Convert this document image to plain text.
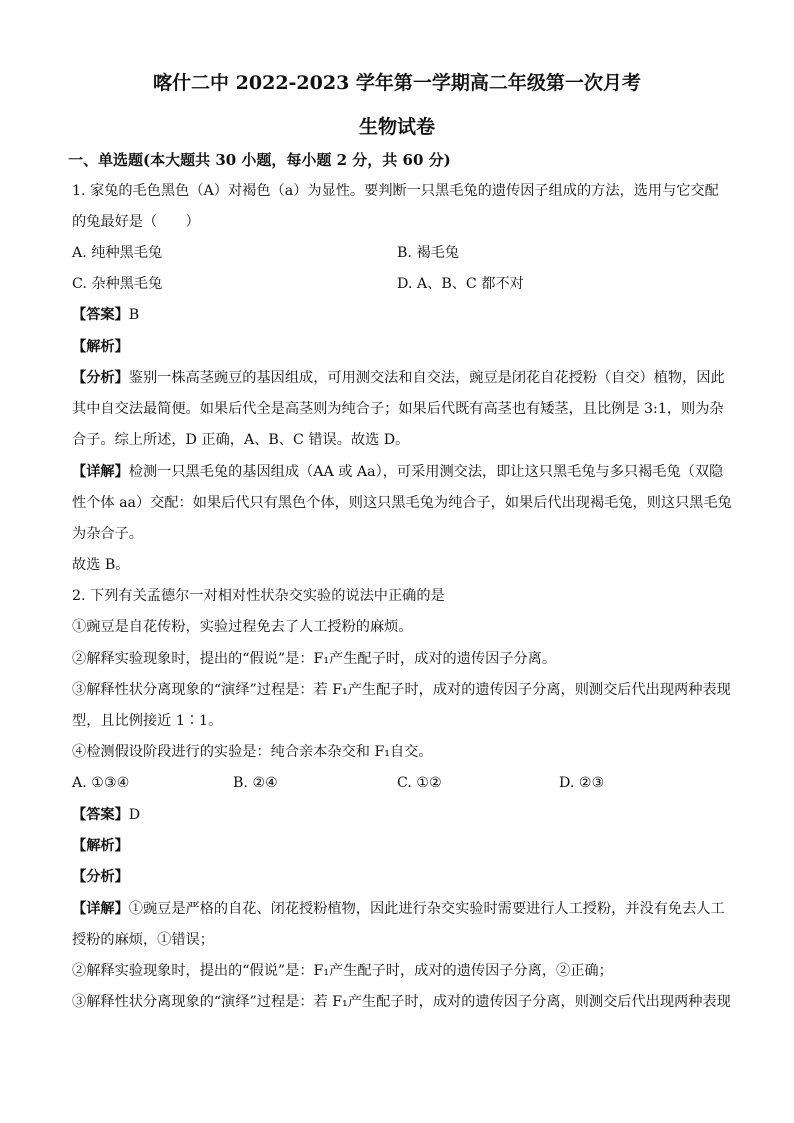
喀什二中 2022-2023 学年第一学期高二年级第一次月考
生物试卷
一、单选题(本大题共 30 小题，每小题 2 分，共 60 分)
1. 家兔的毛色黑色（A）对褐色（a）为显性。要判断一只黑毛兔的遗传因子组成的方法，选用与它交配
的兔最好是（　　）
A. 纯种黑毛兔	B. 褐毛兔
C. 杂种黑毛兔	D. A、B、C 都不对
【答案】B
【解析】
【分析】鉴别一株高茎豌豆的基因组成，可用测交法和自交法，豌豆是闭花自花授粉（自交）植物，因此
其中自交法最简便。如果后代全是高茎则为纯合子；如果后代既有高茎也有矮茎，且比例是 3:1，则为杂
合子。综上所述，D 正确，A、B、C 错误。故选 D。
【详解】检测一只黑毛兔的基因组成（AA 或 Aa），可采用测交法，即让这只黑毛兔与多只褐毛兔（双隐
性个体 aa）交配：如果后代只有黑色个体，则这只黑毛兔为纯合子，如果后代出现褐毛兔，则这只黑毛兔
为杂合子。
故选 B。
2. 下列有关孟德尔一对相对性状杂交实验的说法中正确的是
①豌豆是自花传粉，实验过程免去了人工授粉的麻烦。
②解释实验现象时，提出的“假说”是：F₁产生配子时，成对的遗传因子分离。
③解释性状分离现象的“演绎”过程是：若 F₁产生配子时，成对的遗传因子分离，则测交后代出现两种表现
型，且比例接近 1∶1。
④检测假设阶段进行的实验是：纯合亲本杂交和 F₁自交。
A. ①③④	B. ②④	C. ①②	D. ②③
【答案】D
【解析】
【分析】
【详解】①豌豆是严格的自花、闭花授粉植物，因此进行杂交实验时需要进行人工授粉，并没有免去人工
授粉的麻烦，①错误；
②解释实验现象时，提出的“假说”是：F₁产生配子时，成对的遗传因子分离，②正确；
③解释性状分离现象的“演绎”过程是：若 F₁产生配子时，成对的遗传因子分离，则测交后代出现两种表现
